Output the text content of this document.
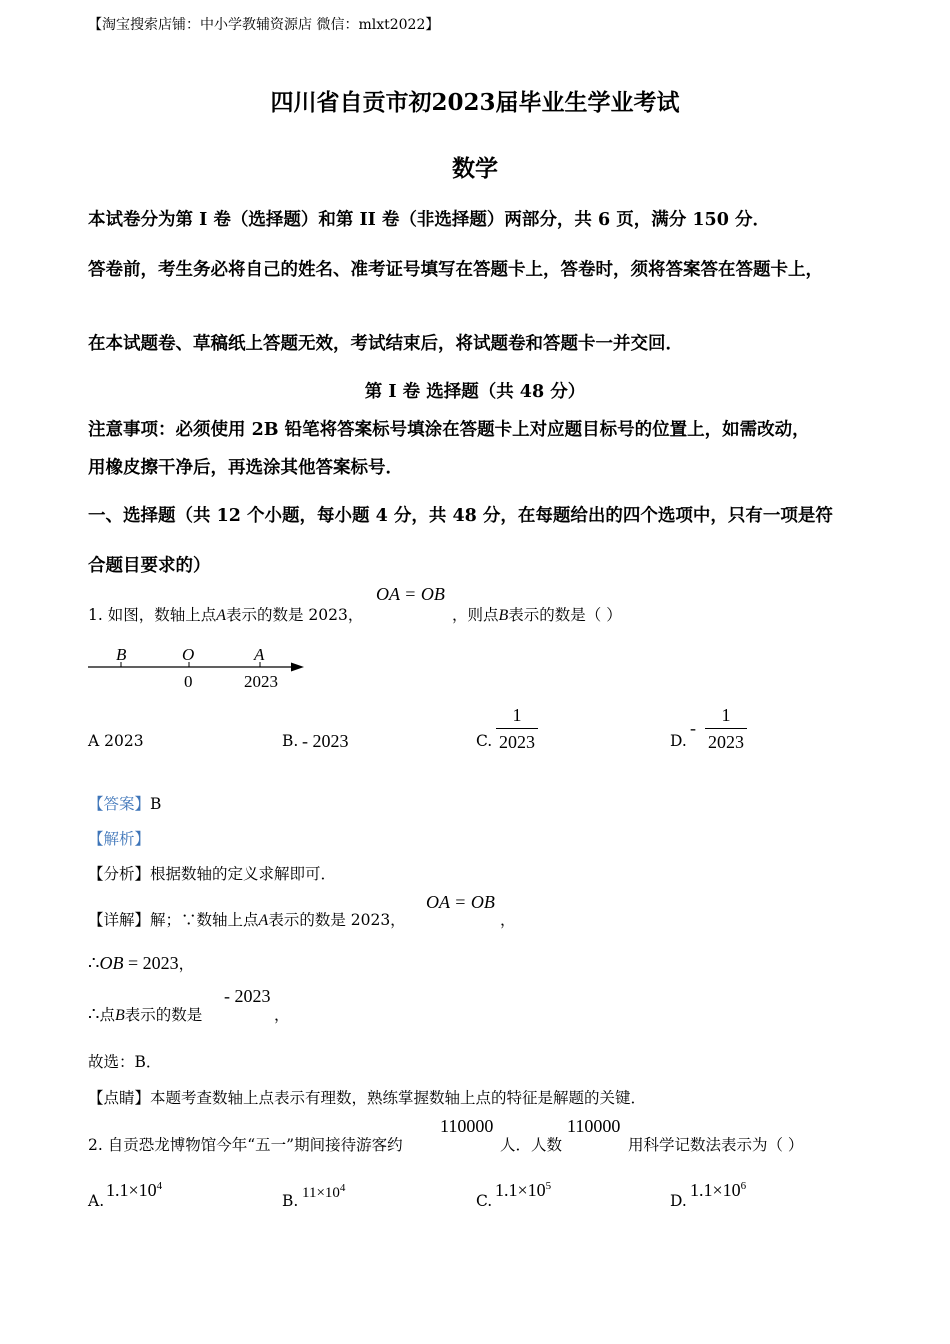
【淘宝搜索店铺：中小学教辅资源店 微信：mlxt2022】
四川省自贡市初2023届毕业生学业考试
数学
本试卷分为第 I 卷（选择题）和第 II 卷（非选择题）两部分，共 6 页，满分 150 分．
答卷前，考生务必将自己的姓名、准考证号填写在答题卡上，答卷时，须将答案答在答题卡上，
在本试题卷、草稿纸上答题无效，考试结束后，将试题卷和答题卡一并交回．
第 I 卷 选择题（共 48 分）
注意事项：必须使用 2B 铅笔将答案标号填涂在答题卡上对应题目标号的位置上，如需改动，
用橡皮擦干净后，再选涂其他答案标号．
一、选择题（共 12 个小题，每小题 4 分，共 48 分，在每题给出的四个选项中，只有一项是符
合题目要求的）
1. 如图，数轴上点A表示的数是 2023，
OA = OB
，则点B表示的数是（ ）
B	O	A
0	2023
A 2023	B. - 2023	C.
1
2023	D.
-
1
2023
【答案】B
【解析】
【分析】根据数轴的定义求解即可．
【详解】解；∵数轴上点A表示的数是 2023，
OA = OB
，
∴OB = 2023，
∴点B表示的数是
- 2023
，
故选：B．
【点睛】本题考查数轴上点表示有理数，熟练掌握数轴上点的特征是解题的关键．
2. 自贡恐龙博物馆今年“五一”期间接待游客约
110000
人．人数
110000
用科学记数法表示为（ ）
A.
$1.1\times 10^4$
B. $11\times 10^4$
C.
$1.1\times 10^5$
D.
$1.1\times 10^6$
